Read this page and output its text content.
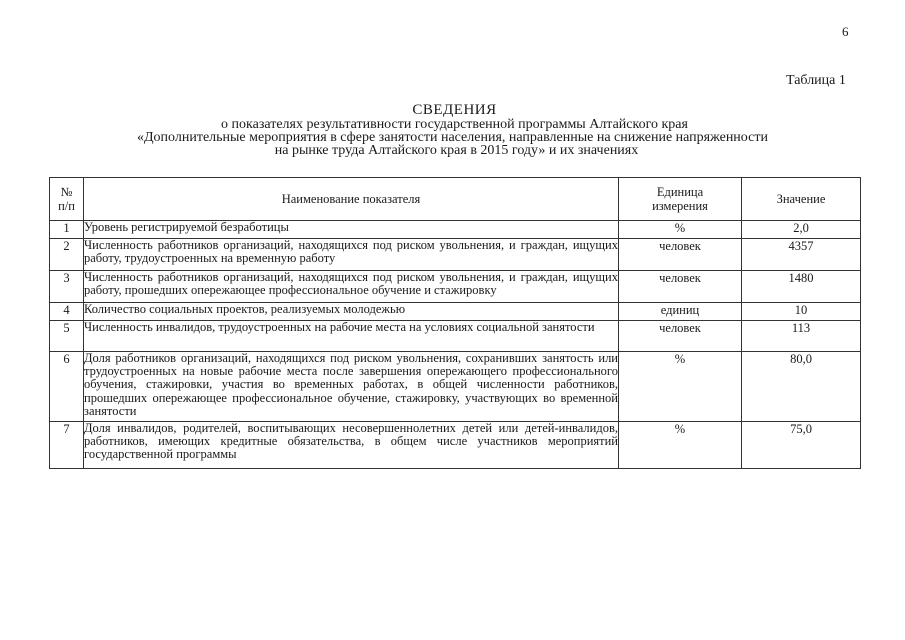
6
Таблица 1
СВЕДЕНИЯ
о показателях результативности государственной программы Алтайского края
«Дополнительные мероприятия в сфере занятости населения, направленные на снижение напряженности
на рынке труда Алтайского края в 2015 году» и их значениях
№ п/п	Наименование показателя	Единица измерения	Значение
1	Уровень регистрируемой безработицы	%	2,0
2	Численность работников организаций, находящихся под риском увольнения, и граждан, ищущих работу, трудоустроенных на временную работу	человек	4357
3	Численность работников организаций, находящихся под риском увольнения, и граждан, ищущих работу, прошедших опережающее профессиональное обучение и стажировку	человек	1480
4	Количество социальных проектов, реализуемых молодежью	единиц	10
5	Численность инвалидов, трудоустроенных на рабочие места на условиях социальной занятости	человек	113
6	Доля работников организаций, находящихся под риском увольнения, сохранивших занятость или трудоустроенных на новые рабочие места после завершения опережающего профессионального обучения, стажировки, участия во временных работах, в общей численности работников, прошедших опережающее профессиональное обучение, стажировку, участвующих во временной занятости	%	80,0
7	Доля инвалидов, родителей, воспитывающих несовершеннолетних детей или детей-инвалидов, работников, имеющих кредитные обязательства, в общем числе участников мероприятий государственной программы	%	75,0
